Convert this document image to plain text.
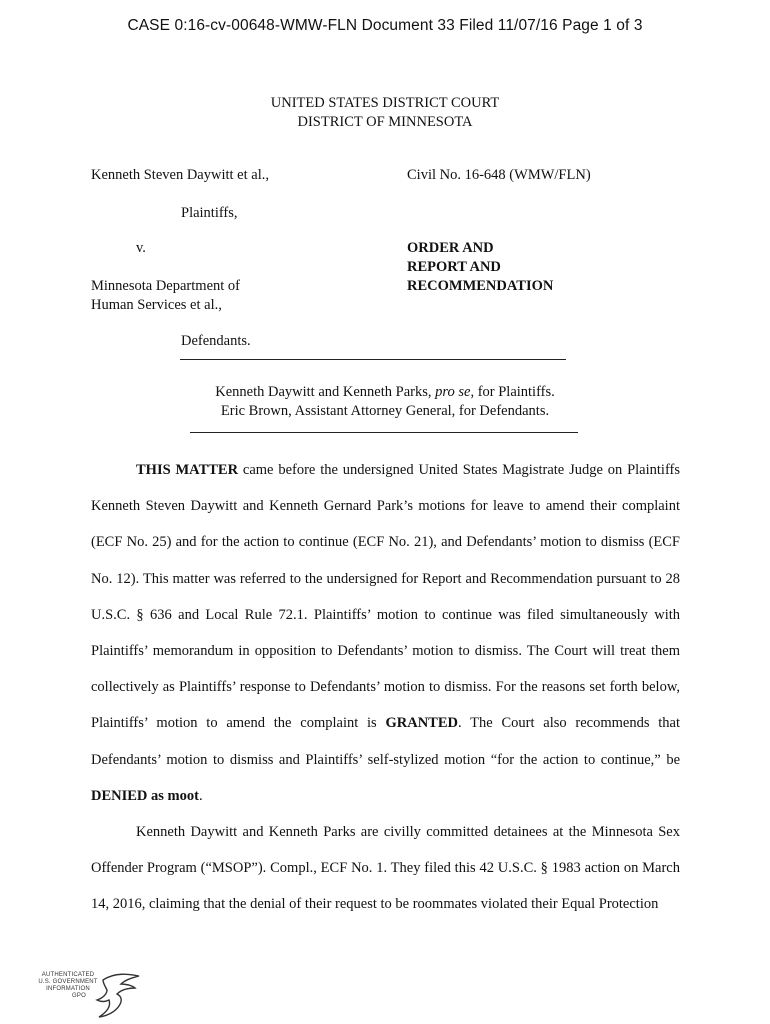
CASE 0:16-cv-00648-WMW-FLN Document 33 Filed 11/07/16 Page 1 of 3
UNITED STATES DISTRICT COURT
DISTRICT OF MINNESOTA
Kenneth Steven Daywitt et al.,	Civil No. 16-648 (WMW/FLN)
Plaintiffs,
v.	ORDER AND
REPORT AND
RECOMMENDATION
Minnesota Department of
Human Services et al.,
Defendants.
Kenneth Daywitt and Kenneth Parks, pro se, for Plaintiffs.
Eric Brown, Assistant Attorney General, for Defendants.

THIS MATTER came before the undersigned United States Magistrate Judge on Plaintiffs Kenneth Steven Daywitt and Kenneth Gernard Park’s motions for leave to amend their complaint (ECF No. 25) and for the action to continue (ECF No. 21), and Defendants’ motion to dismiss (ECF No. 12). This matter was referred to the undersigned for Report and Recommendation pursuant to 28 U.S.C. § 636 and Local Rule 72.1. Plaintiffs’ motion to continue was filed simultaneously with Plaintiffs’ memorandum in opposition to Defendants’ motion to dismiss. The Court will treat them collectively as Plaintiffs’ response to Defendants’ motion to dismiss. For the reasons set forth below, Plaintiffs’ motion to amend the complaint is GRANTED. The Court also recommends that Defendants’ motion to dismiss and Plaintiffs’ self-stylized motion “for the action to continue,” be DENIED as moot.

Kenneth Daywitt and Kenneth Parks are civilly committed detainees at the Minnesota Sex Offender Program (“MSOP”). Compl., ECF No. 1. They filed this 42 U.S.C. § 1983 action on March 14, 2016, claiming that the denial of their request to be roommates violated their Equal Protection

AUTHENTICATED
U.S. GOVERNMENT
INFORMATION
GPO
